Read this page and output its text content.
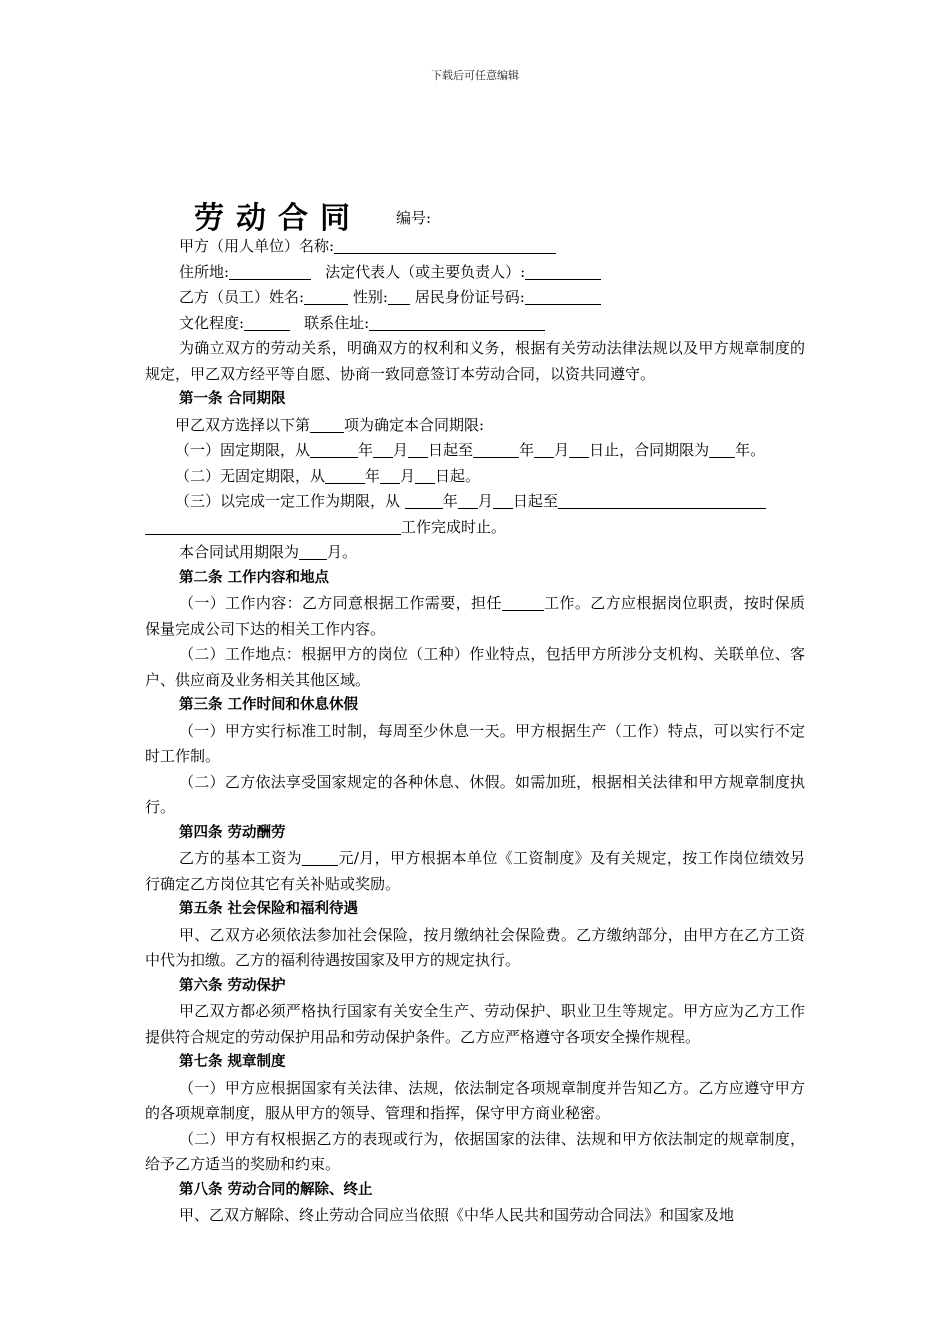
下载后可任意编辑
劳动合同 编号:
甲方（用人单位）名称:
住所地:	法定代表人（或主要负责人）:
乙方（员工）姓名:	性别: 居民身份证号码:
文化程度:	联系住址:
为确立双方的劳动关系，明确双方的权利和义务，根据有关劳动法律法规以及甲方规章制度的规定，甲乙双方经平等自愿、协商一致同意签订本劳动合同，以资共同遵守。
第一条 合同期限
甲乙双方选择以下第 项为确定本合同期限:
（一）固定期限，从	年 月 日起至	年 月 日止，合同期限为 年。
（二）无固定期限，从	年 月 日起。
（三）以完成一定工作为期限，从	年 月 日起至
工作完成时止。
本合同试用期限为 月。
第二条 工作内容和地点
（一）工作内容：乙方同意根据工作需要，担任	工作。乙方应根据岗位职责，按时保质保量完成公司下达的相关工作内容。
（二）工作地点：根据甲方的岗位（工种）作业特点，包括甲方所涉分支机构、关联单位、客户、供应商及业务相关其他区域。
第三条 工作时间和休息休假
（一）甲方实行标准工时制，每周至少休息一天。甲方根据生产（工作）特点，可以实行不定时工作制。
（二）乙方依法享受国家规定的各种休息、休假。如需加班，根据相关法律和甲方规章制度执行。
第四条 劳动酬劳
乙方的基本工资为 元/月，甲方根据本单位《工资制度》及有关规定，按工作岗位绩效另行确定乙方岗位其它有关补贴或奖励。
第五条 社会保险和福利待遇
甲、乙双方必须依法参加社会保险，按月缴纳社会保险费。乙方缴纳部分，由甲方在乙方工资中代为扣缴。乙方的福利待遇按国家及甲方的规定执行。
第六条 劳动保护
甲乙双方都必须严格执行国家有关安全生产、劳动保护、职业卫生等规定。甲方应为乙方工作提供符合规定的劳动保护用品和劳动保护条件。乙方应严格遵守各项安全操作规程。
第七条 规章制度
（一）甲方应根据国家有关法律、法规，依法制定各项规章制度并告知乙方。乙方应遵守甲方的各项规章制度，服从甲方的领导、管理和指挥，保守甲方商业秘密。
（二）甲方有权根据乙方的表现或行为，依据国家的法律、法规和甲方依法制定的规章制度，给予乙方适当的奖励和约束。
第八条 劳动合同的解除、终止
甲、乙双方解除、终止劳动合同应当依照《中华人民共和国劳动合同法》和国家及地
